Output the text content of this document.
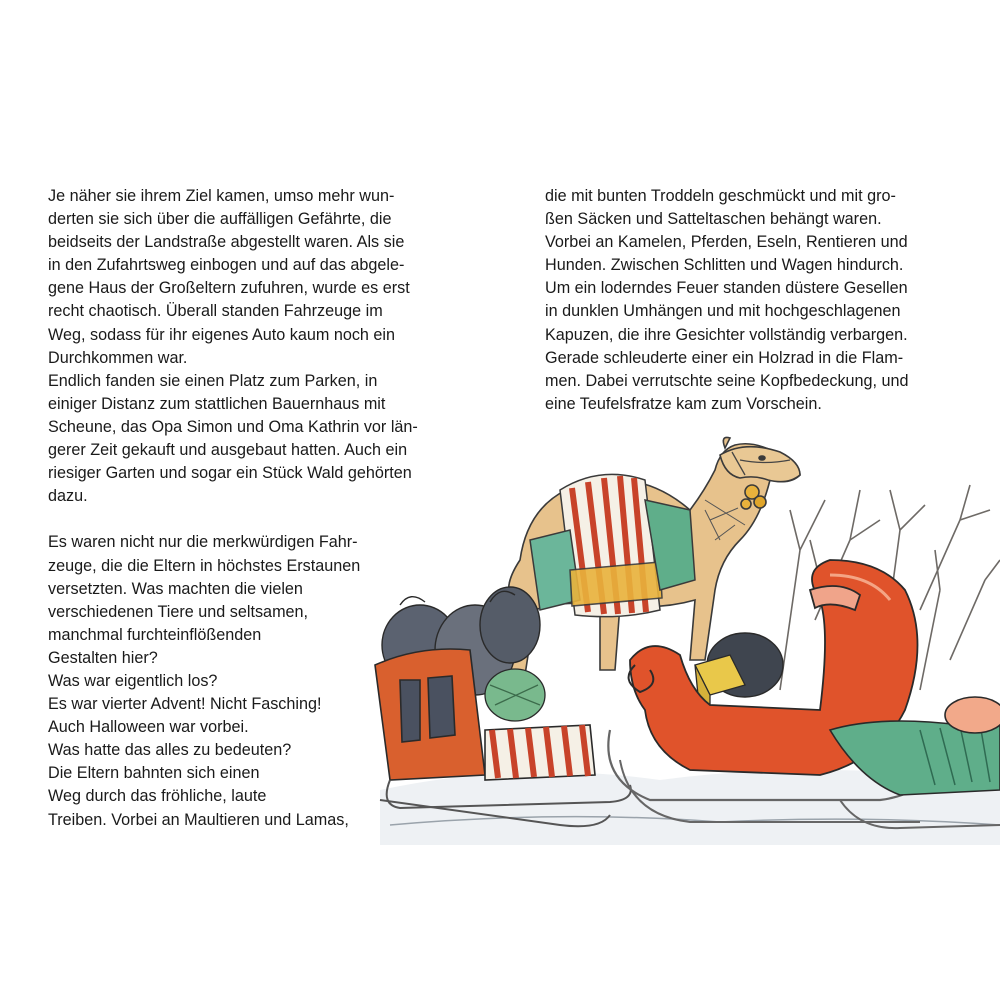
Je näher sie ihrem Ziel kamen, umso mehr wun-
derten sie sich über die auffälligen Gefährte, die
beidseits der Landstraße abgestellt waren. Als sie
in den Zufahrtsweg einbogen und auf das abgele-
gene Haus der Großeltern zufuhren, wurde es erst
recht chaotisch. Überall standen Fahrzeuge im
Weg, sodass für ihr eigenes Auto kaum noch ein
Durchkommen war.
Endlich fanden sie einen Platz zum Parken, in
einiger Distanz zum stattlichen Bauernhaus mit
Scheune, das Opa Simon und Oma Kathrin vor län-
gerer Zeit gekauft und ausgebaut hatten. Auch ein
riesiger Garten und sogar ein Stück Wald gehörten
dazu.
Es waren nicht nur die merkwürdigen Fahr-
zeuge, die die Eltern in höchstes Erstaunen
versetzten. Was machten die vielen
verschiedenen Tiere und seltsamen,
manchmal furchteinflößenden
Gestalten hier?
Was war eigentlich los?
Es war vierter Advent! Nicht Fasching!
Auch Halloween war vorbei.
Was hatte das alles zu bedeuten?
Die Eltern bahnten sich einen
Weg durch das fröhliche, laute
Treiben. Vorbei an Maultieren und Lamas,
die mit bunten Troddeln geschmückt und mit gro-
ßen Säcken und Satteltaschen behängt waren.
Vorbei an Kamelen, Pferden, Eseln, Rentieren und
Hunden. Zwischen Schlitten und Wagen hindurch.
Um ein loderndes Feuer standen düstere Gesellen
in dunklen Umhängen und mit hochgeschlagenen
Kapuzen, die ihre Gesichter vollständig verbargen.
Gerade schleuderte einer ein Holzrad in die Flam-
men. Dabei verrutschte seine Kopfbedeckung, und
eine Teufelsfratze kam zum Vorschein.
